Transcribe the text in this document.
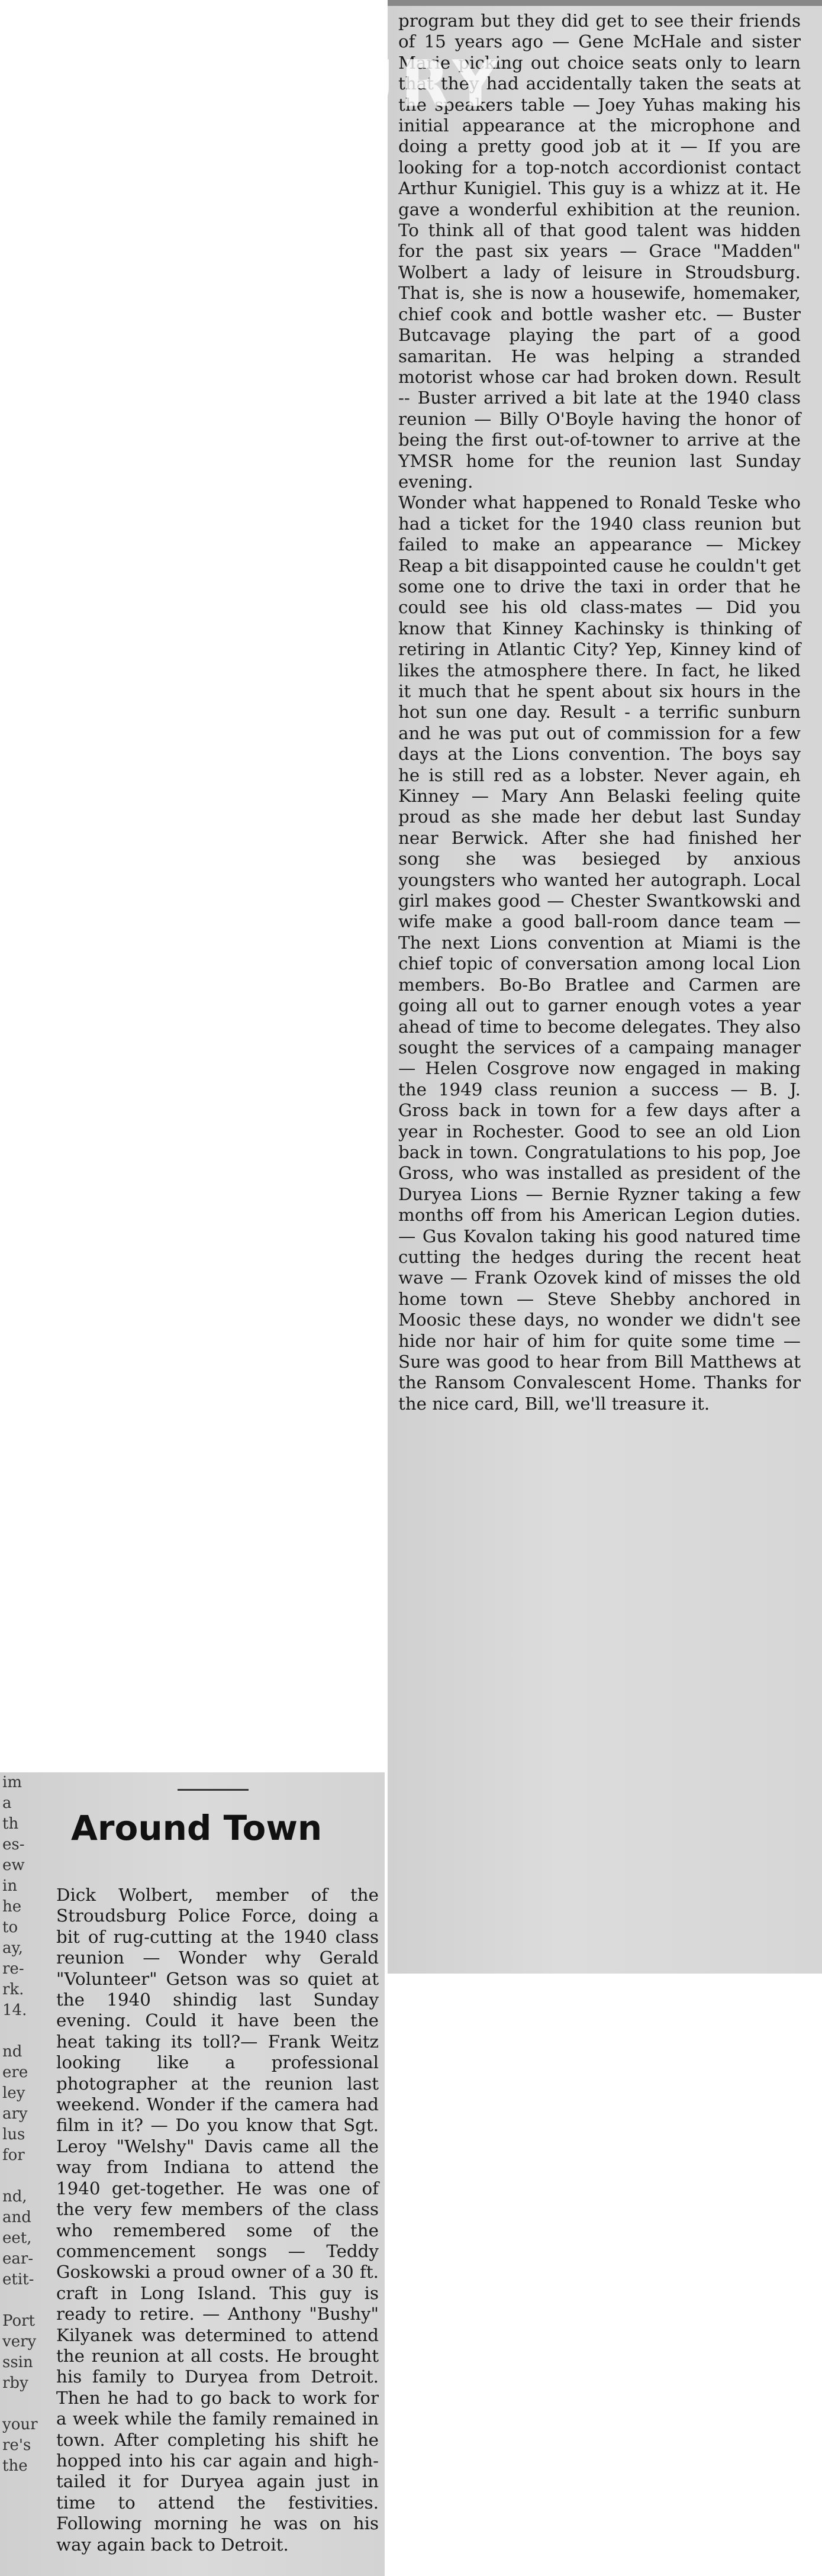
program but they did get to see their friends of 15 years ago — Gene McHale and sister Marie picking out choice seats only to learn that they had accidentally taken the seats at the speakers table — Joey Yuhas making his initial appearance at the microphone and doing a pretty good job at it — If you are looking for a top-notch accordionist contact Arthur Kunigiel. This guy is a whizz at it. He gave a wonderful exhibition at the reunion. To think all of that good talent was hidden for the past six years — Grace "Madden" Wolbert a lady of leisure in Stroudsburg. That is, she is now a housewife, homemaker, chief cook and bottle washer etc. — Buster Butcavage playing the part of a good samaritan. He was helping a stranded motorist whose car had broken down. Result -- Buster arrived a bit late at the 1940 class reunion — Billy O'Boyle having the honor of being the first out-of-towner to arrive at the YMSR home for the reunion last Sunday evening.
Wonder what happened to Ronald Teske who had a ticket for the 1940 class reunion but failed to make an appearance — Mickey Reap a bit disappointed cause he couldn't get some one to drive the taxi in order that he could see his old class-mates — Did you know that Kinney Kachinsky is thinking of retiring in Atlantic City? Yep, Kinney kind of likes the atmosphere there. In fact, he liked it much that he spent about six hours in the hot sun one day. Result - a terrific sunburn and he was put out of commission for a few days at the Lions convention. The boys say he is still red as a lobster. Never again, eh Kinney — Mary Ann Belaski feeling quite proud as she made her debut last Sunday near Berwick. After she had finished her song she was besieged by anxious youngsters who wanted her autograph. Local girl makes good — Chester Swantkowski and wife make a good ball-room dance team — The next Lions convention at Miami is the chief topic of conversation among local Lion members. Bo-Bo Bratlee and Carmen are going all out to garner enough votes a year ahead of time to become delegates. They also sought the services of a campaing manager — Helen Cosgrove now engaged in making the 1949 class reunion a success — B. J. Gross back in town for a few days after a year in Rochester. Good to see an old Lion back in town. Congratulations to his pop, Joe Gross, who was installed as president of the Duryea Lions — Bernie Ryzner taking a few months off from his American Legion duties. — Gus Kovalon taking his good natured time cutting the hedges during the recent heat wave — Frank Ozovek kind of misses the old home town — Steve Shebby anchored in Moosic these days, no wonder we didn't see hide nor hair of him for quite some time — Sure was good to hear from Bill Matthews at the Ransom Convalescent Home. Thanks for the nice card, Bill, we'll treasure it.
WWW.DURY
im
a
th
es-
ew
in
he
to
ay,
re-
rk.
14.

nd
ere
ley
ary
lus
for

nd,
and
eet,
ear-
etit-

Port
very
ssin
rby

your
re's
the
Around Town
Dick Wolbert, member of the Stroudsburg Police Force, doing a bit of rug-cutting at the 1940 class reunion — Wonder why Gerald "Volunteer" Getson was so quiet at the 1940 shindig last Sunday evening. Could it have been the heat taking its toll?— Frank Weitz looking like a professional photographer at the reunion last weekend. Wonder if the camera had film in it? — Do you know that Sgt. Leroy "Welshy" Davis came all the way from Indiana to attend the 1940 get-together. He was one of the very few members of the class who remembered some of the commencement songs — Teddy Goskowski a proud owner of a 30 ft. craft in Long Island. This guy is ready to retire. — Anthony "Bushy" Kilyanek was determined to attend the reunion at all costs. He brought his family to Duryea from Detroit. Then he had to go back to work for a week while the family remained in town. After completing his shift he hopped into his car again and high-tailed it for Duryea again just in time to attend the festivities. Following morning he was on his way again back to Detroit.
